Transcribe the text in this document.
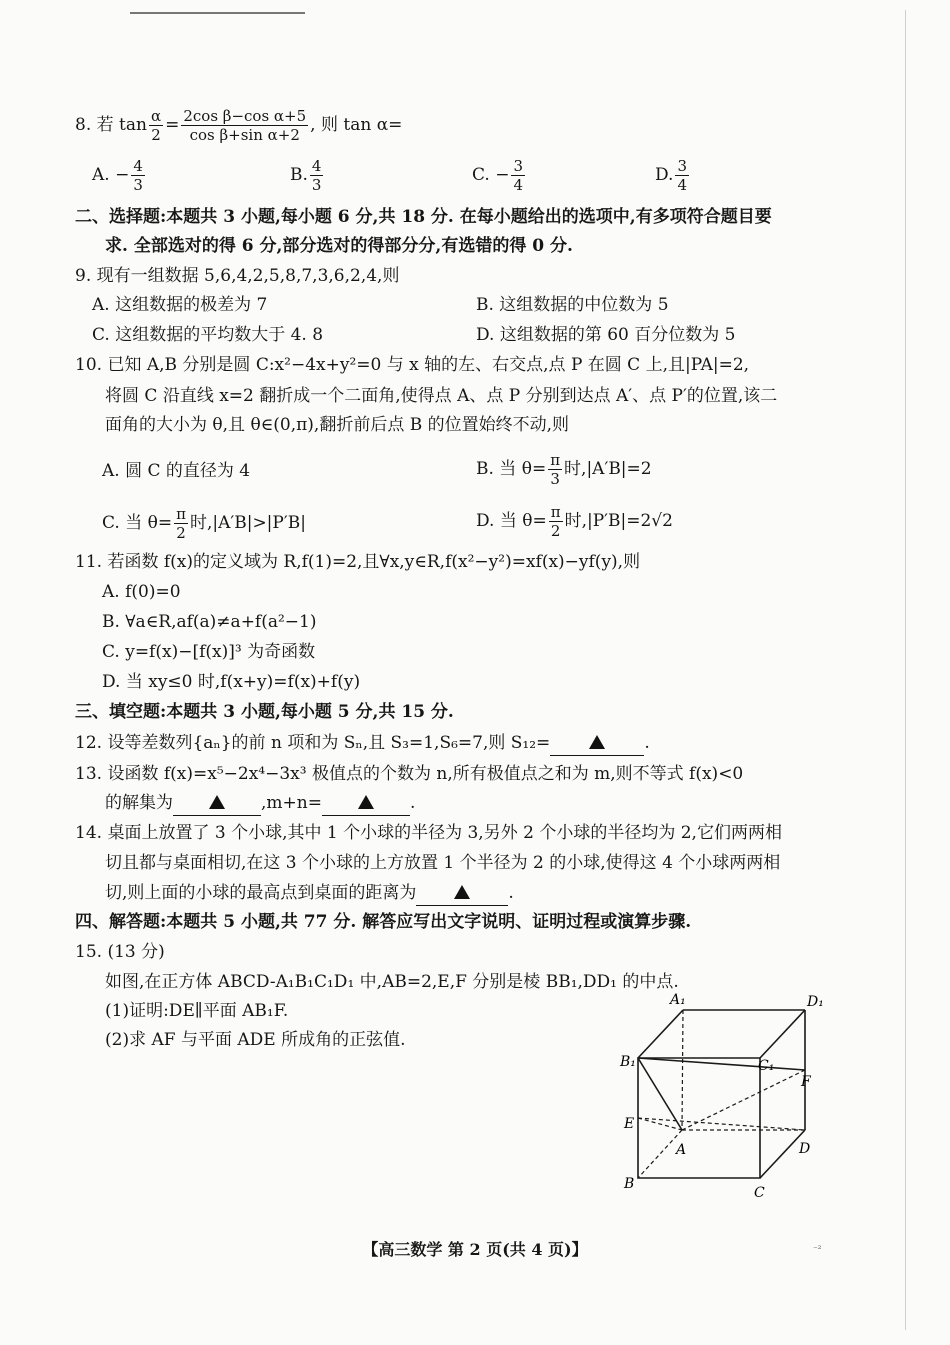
8. 若 $\tan \frac{\alpha}{2} = \frac{\text{2cos β−cos α+5}}{\text{cos β+sin α+2}}$ , 则 tan α=
A. − $\frac{4}{3}$	B. $\frac{4}{3}$	C. − $\frac{3}{4}$	D. $\frac{3}{4}$
二、选择题:本题共 3 小题,每小题 6 分,共 18 分. 在每小题给出的选项中,有多项符合题目要
求. 全部选对的得 6 分,部分选对的得部分分,有选错的得 0 分.
9. 现有一组数据 5,6,4,2,5,8,7,3,6,2,4,则
A. 这组数据的极差为 7	B. 这组数据的中位数为 5
C. 这组数据的平均数大于 4. 8	D. 这组数据的第 60 百分位数为 5
10. 已知 A,B 分别是圆 C:x²−4x+y²=0 与 x 轴的左、右交点,点 P 在圆 C 上,且|PA|=2,
将圆 C 沿直线 x=2 翻折成一个二面角,使得点 A、点 P 分别到达点 A′、点 P′的位置,该二
面角的大小为 θ,且 θ∈(0,π),翻折前后点 B 的位置始终不动,则
A. 圆 C 的直径为 4	B. 当 $\theta= \frac{\pi}{3}$ 时,|A′B|=2
C. 当 $\theta= \frac{\pi}{2}$ 时,|A′B|>|P′B|	D. 当 $\theta= \frac{\pi}{2}$ 时,|P′B|=2√2
11. 若函数 f(x)的定义域为 R,f(1)=2,且∀x,y∈R,f(x²−y²)=xf(x)−yf(y),则
A. f(0)=0
B. ∀a∈R,af(a)≠a+f(a²−1)
C. y=f(x)−[f(x)]³ 为奇函数
D. 当 xy≤0 时,f(x+y)=f(x)+f(y)
三、填空题:本题共 3 小题,每小题 5 分,共 15 分.
12. 设等差数列{aₙ}的前 n 项和为 Sₙ,且 S₃=1,S₆=7,则 S₁₂=	.
13. 设函数 f(x)=x⁵−2x⁴−3x³ 极值点的个数为 n,所有极值点之和为 m,则不等式 f(x)<0
的解集为	,m+n=	.
14. 桌面上放置了 3 个小球,其中 1 个小球的半径为 3,另外 2 个小球的半径均为 2,它们两两相
切且都与桌面相切,在这 3 个小球的上方放置 1 个半径为 2 的小球,使得这 4 个小球两两相
切,则上面的小球的最高点到桌面的距离为	.
四、解答题:本题共 5 小题,共 77 分. 解答应写出文字说明、证明过程或演算步骤.
15. (13 分)
如图,在正方体 ABCD-A₁B₁C₁D₁ 中,AB=2,E,F 分别是棱 BB₁,DD₁ 的中点.
(1)证明:DE∥平面 AB₁F.
(2)求 AF 与平面 ADE 所成角的正弦值.
A₁	D₁
B₁	C₁
F
E
A	D
B
C
【高三数学 第 2 页(共 4 页)】	⁻²
